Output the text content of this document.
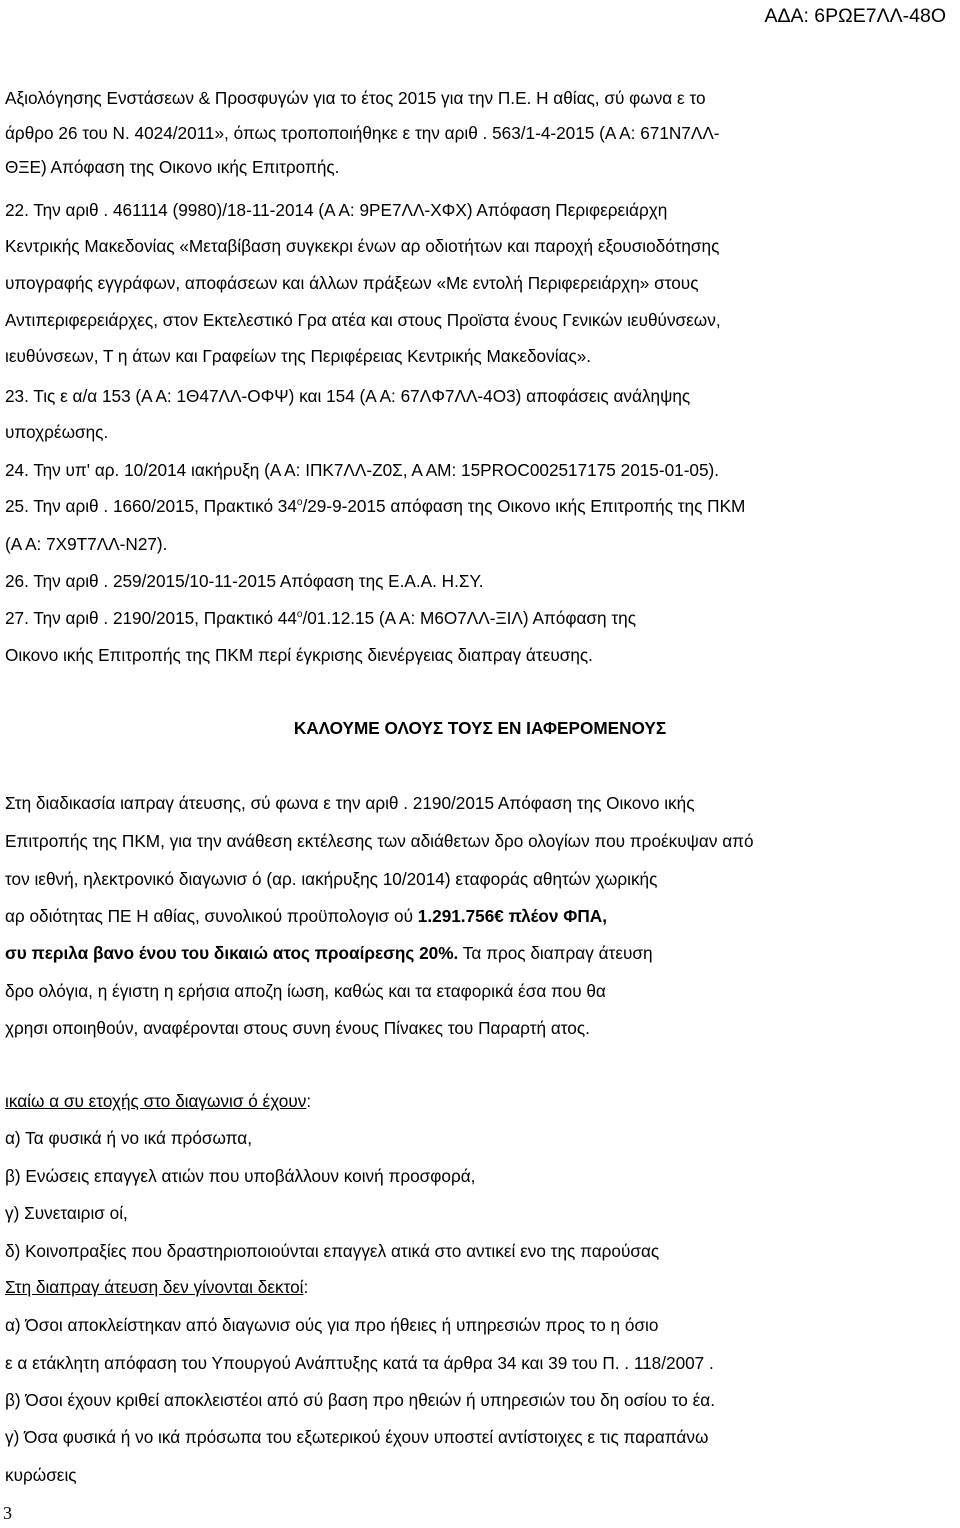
ΑΔΑ: 6ΡΩΕ7ΛΛ-48Ο
Αξιολόγησης Ενστάσεων & Προσφυγών για το έτος 2015 για την Π.Ε. Η αθίας, σύ φωνα ε το
άρθρο 26 του Ν. 4024/2011», όπως τροποποιήθηκε ε την αριθ . 563/1-4-2015 (Α Α: 671Ν7ΛΛ-
ΘΞΕ) Απόφαση της Οικονο ικής Επιτροπής.
22. Την αριθ . 461114 (9980)/18-11-2014 (Α Α: 9ΡΕ7ΛΛ-ΧΦΧ) Απόφαση Περιφερειάρχη
Κεντρικής Μακεδονίας «Μεταβίβαση συγκεκρι ένων αρ οδιοτήτων και παροχή εξουσιοδότησης
υπογραφής εγγράφων, αποφάσεων και άλλων πράξεων «Με εντολή Περιφερειάρχη» στους
Αντιπεριφερειάρχες, στον Εκτελεστικό Γρα ατέα και στους Προϊστα ένους Γενικών ιευθύνσεων,
ιευθύνσεων, Τ η άτων και Γραφείων της Περιφέρειας Κεντρικής Μακεδονίας».
23. Τις ε α/α 153 (Α Α: 1Θ47ΛΛ-ΟΦΨ) και 154 (Α Α: 67ΛΦ7ΛΛ-4Ο3) αποφάσεις ανάληψης
υποχρέωσης.
24. Την υπ' αρ. 10/2014 ιακήρυξη (Α Α: ΙΠΚ7ΛΛ-Ζ0Σ, Α ΑΜ: 15PROC002517175 2015-01-05).
25. Την αριθ . 1660/2015, Πρακτικό $34^o/29-9-2015$ απόφαση της Οικονο ικής Επιτροπής της ΠΚΜ
(Α Α: 7Χ9Τ7ΛΛ-Ν27).
26. Την αριθ . 259/2015/10-11-2015 Απόφαση της Ε.Α.Α. Η.ΣΥ.
27. Την αριθ . 2190/2015, Πρακτικό $44^o/01.12.15$ (Α Α: Μ6Ο7ΛΛ-ΞΙΛ) Απόφαση της
Οικονο ικής Επιτροπής της ΠΚΜ περί έγκρισης διενέργειας διαπραγ άτευσης.
ΚΑΛΟΥΜΕ ΟΛΟΥΣ ΤΟΥΣ ΕΝ ΙΑΦΕΡΟΜΕΝΟΥΣ
Στη διαδικασία ιαπραγ άτευσης, σύ φωνα ε την αριθ . 2190/2015 Απόφαση της Οικονο ικής
Επιτροπής της ΠΚΜ, για την ανάθεση εκτέλεσης των αδιάθετων δρο ολογίων που προέκυψαν από
τον ιεθνή, ηλεκτρονικό διαγωνισ ό (αρ. ιακήρυξης 10/2014) εταφοράς αθητών χωρικής
αρ οδιότητας ΠΕ Η αθίας, συνολικού προϋπολογισ ού 1.291.756€ πλέον ΦΠΑ,
συ περιλα βανο ένου του δικαιώ ατος προαίρεσης 20%. Τα προς διαπραγ άτευση
δρο ολόγια, η έγιστη η ερήσια αποζη ίωση, καθώς και τα εταφορικά έσα που θα
χρησι οποιηθούν, αναφέρονται στους συνη ένους Πίνακες του Παραρτή ατος.
ικαίω α συ ετοχής στο διαγωνισ ό έχουν:
α) Τα φυσικά ή νο ικά πρόσωπα,
β) Ενώσεις επαγγελ ατιών που υποβάλλουν κοινή προσφορά,
γ) Συνεταιρισ οί,
δ) Κοινοπραξίες που δραστηριοποιούνται επαγγελ ατικά στο αντικεί ενο της παρούσας
Στη διαπραγ άτευση δεν γίνονται δεκτοί:
α) Όσοι αποκλείστηκαν από διαγωνισ ούς για προ ήθειες ή υπηρεσιών προς το η όσιο
ε α ετάκλητη απόφαση του Υπουργού Ανάπτυξης κατά τα άρθρα 34 και 39 του Π. . 118/2007 .
β) Όσοι έχουν κριθεί αποκλειστέοι από σύ βαση προ ηθειών ή υπηρεσιών του δη οσίου το έα.
γ) Όσα φυσικά ή νο ικά πρόσωπα του εξωτερικού έχουν υποστεί αντίστοιχες ε τις παραπάνω
κυρώσεις
3
